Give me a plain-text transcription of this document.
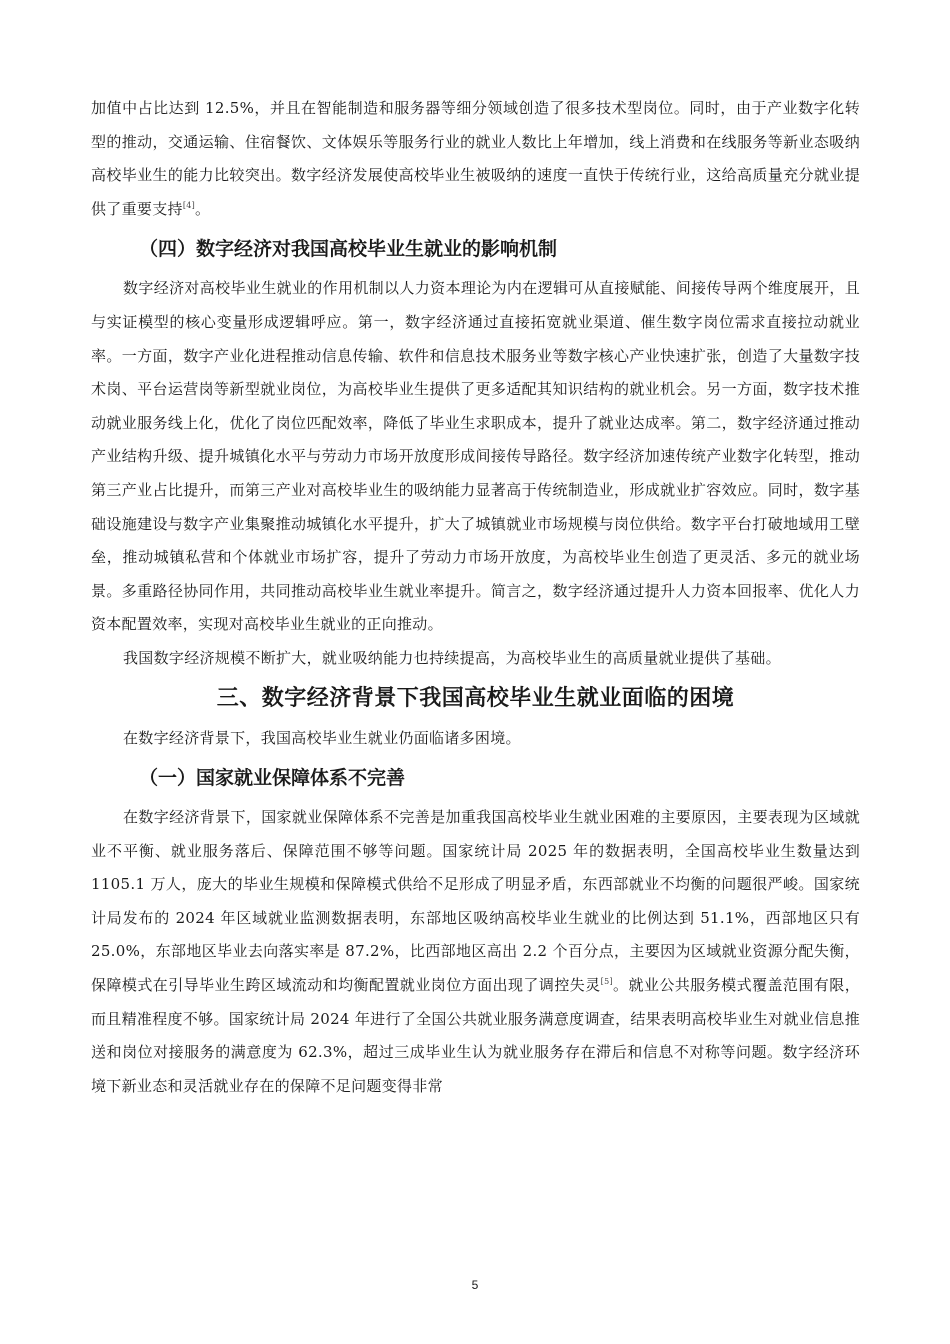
加值中占比达到 12.5%，并且在智能制造和服务器等细分领域创造了很多技术型岗位。同时，由于产业数字化转型的推动，交通运输、住宿餐饮、文体娱乐等服务行业的就业人数比上年增加，线上消费和在线服务等新业态吸纳高校毕业生的能力比较突出。数字经济发展使高校毕业生被吸纳的速度一直快于传统行业，这给高质量充分就业提供了重要支持[4]。

（四）数字经济对我国高校毕业生就业的影响机制

数字经济对高校毕业生就业的作用机制以人力资本理论为内在逻辑可从直接赋能、间接传导两个维度展开，且与实证模型的核心变量形成逻辑呼应。第一，数字经济通过直接拓宽就业渠道、催生数字岗位需求直接拉动就业率。一方面，数字产业化进程推动信息传输、软件和信息技术服务业等数字核心产业快速扩张，创造了大量数字技术岗、平台运营岗等新型就业岗位，为高校毕业生提供了更多适配其知识结构的就业机会。另一方面，数字技术推动就业服务线上化，优化了岗位匹配效率，降低了毕业生求职成本，提升了就业达成率。第二，数字经济通过推动产业结构升级、提升城镇化水平与劳动力市场开放度形成间接传导路径。数字经济加速传统产业数字化转型，推动第三产业占比提升，而第三产业对高校毕业生的吸纳能力显著高于传统制造业，形成就业扩容效应。同时，数字基础设施建设与数字产业集聚推动城镇化水平提升，扩大了城镇就业市场规模与岗位供给。数字平台打破地域用工壁垒，推动城镇私营和个体就业市场扩容，提升了劳动力市场开放度，为高校毕业生创造了更灵活、多元的就业场景。多重路径协同作用，共同推动高校毕业生就业率提升。简言之，数字经济通过提升人力资本回报率、优化人力资本配置效率，实现对高校毕业生就业的正向推动。

我国数字经济规模不断扩大，就业吸纳能力也持续提高，为高校毕业生的高质量就业提供了基础。

三、数字经济背景下我国高校毕业生就业面临的困境

在数字经济背景下，我国高校毕业生就业仍面临诸多困境。

（一）国家就业保障体系不完善

在数字经济背景下，国家就业保障体系不完善是加重我国高校毕业生就业困难的主要原因，主要表现为区域就业不平衡、就业服务落后、保障范围不够等问题。国家统计局 2025 年的数据表明，全国高校毕业生数量达到 1105.1 万人，庞大的毕业生规模和保障模式供给不足形成了明显矛盾，东西部就业不均衡的问题很严峻。国家统计局发布的 2024 年区域就业监测数据表明，东部地区吸纳高校毕业生就业的比例达到 51.1%，西部地区只有 25.0%，东部地区毕业去向落实率是 87.2%，比西部地区高出 2.2 个百分点，主要因为区域就业资源分配失衡，保障模式在引导毕业生跨区域流动和均衡配置就业岗位方面出现了调控失灵[5]。就业公共服务模式覆盖范围有限，而且精准程度不够。国家统计局 2024 年进行了全国公共就业服务满意度调查，结果表明高校毕业生对就业信息推送和岗位对接服务的满意度为 62.3%，超过三成毕业生认为就业服务存在滞后和信息不对称等问题。数字经济环境下新业态和灵活就业存在的保障不足问题变得非常

5
